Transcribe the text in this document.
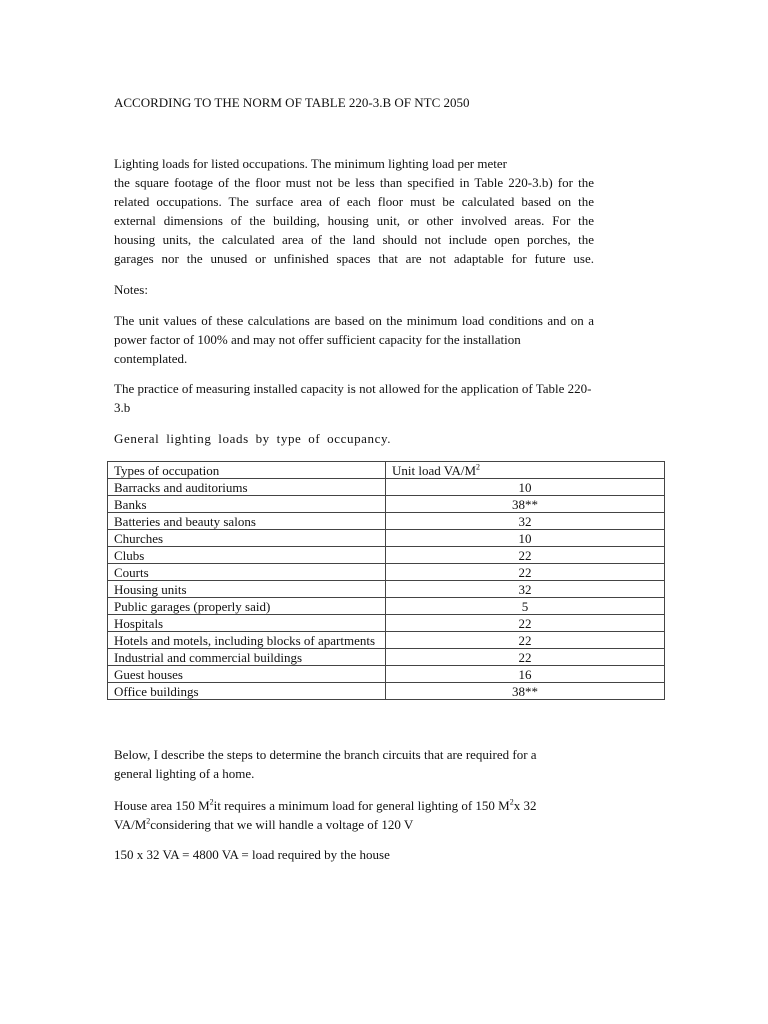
ACCORDING TO THE NORM OF TABLE 220-3.B OF NTC 2050
Lighting loads for listed occupations. The minimum lighting load per meter
the square footage of the floor must not be less than specified in Table 220-3.b) for the
related occupations. The surface area of each floor must be calculated based on the
external dimensions of the building, housing unit, or other involved areas. For the
housing units, the calculated area of the land should not include open porches, the
garages nor the unused or unfinished spaces that are not adaptable for future use.
Notes:
The unit values of these calculations are based on the minimum load conditions and on a
power factor of 100% and may not offer sufficient capacity for the installation
contemplated.
The practice of measuring installed capacity is not allowed for the application of Table 220-
3.b
General lighting loads by type of occupancy.
Types of occupation	Unit load $VA/M^2$
Barracks and auditoriums	10
Banks	38**
Batteries and beauty salons	32
Churches	10
Clubs	22
Courts	22
Housing units	32
Public garages (properly said)	5
Hospitals	22
Hotels and motels, including blocks of apartments	22
Industrial and commercial buildings	22
Guest houses	16
Office buildings	38**
Below, I describe the steps to determine the branch circuits that are required for a
general lighting of a home.
House area 150 $M^2it$ requires a minimum load for general lighting of 150 $M^2x$ 32
$VA/M^2considering$ that we will handle a voltage of 120 V
150 x 32 VA = 4800 VA = load required by the house
